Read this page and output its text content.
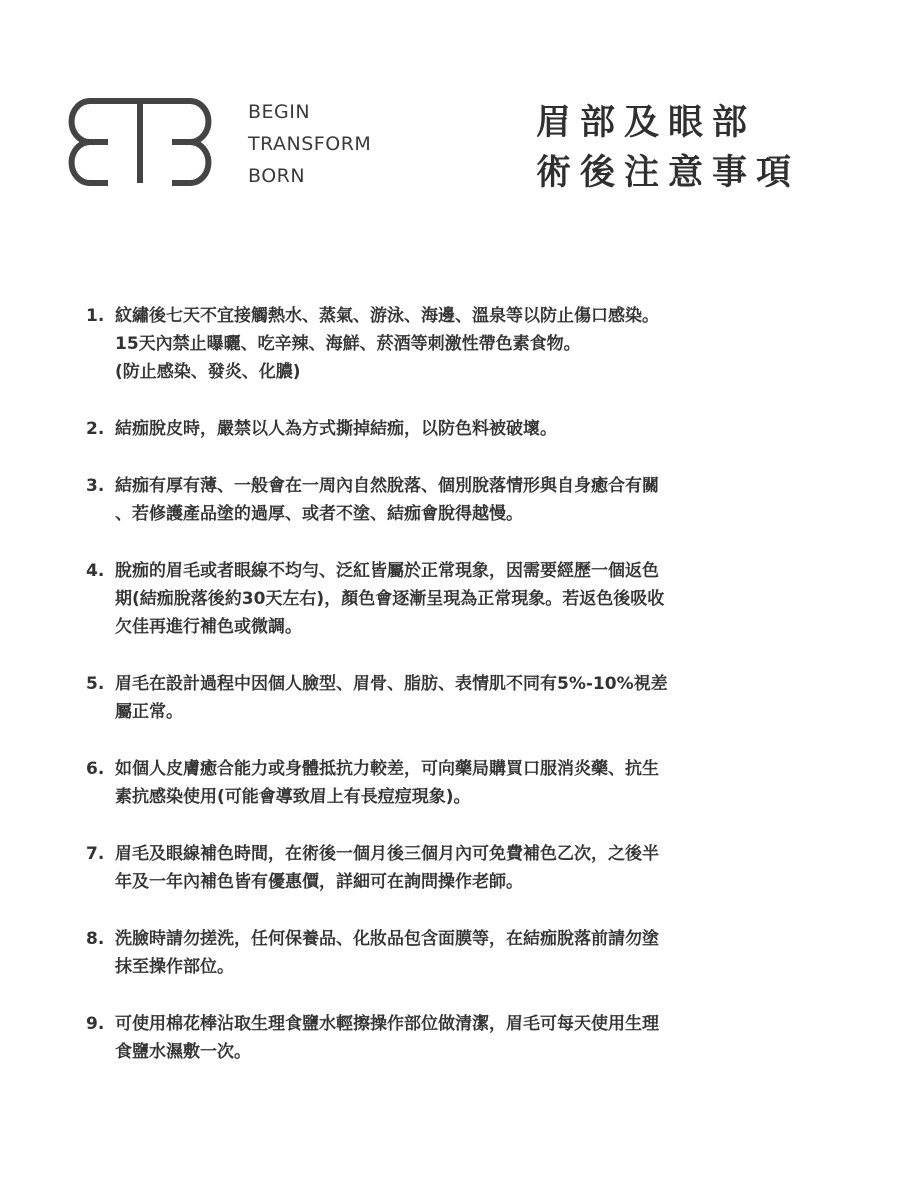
BEGIN
TRANSFORM
BORN
眉部及眼部
術後注意事項
1. 紋繡後七天不宜接觸熱水、蒸氣、游泳、海邊、溫泉等以防止傷口感染。
15天內禁止曝曬、吃辛辣、海鮮、菸酒等刺激性帶色素食物。
(防止感染、發炎、化膿)
2. 結痂脫皮時，嚴禁以人為方式撕掉結痂，以防色料被破壞。
3. 結痂有厚有薄、一般會在一周內自然脫落、個別脫落情形與自身癒合有關
、若修護產品塗的過厚、或者不塗、結痂會脫得越慢。
4. 脫痂的眉毛或者眼線不均勻、泛紅皆屬於正常現象，因需要經歷一個返色
期(結痂脫落後約30天左右)，顏色會逐漸呈現為正常現象。若返色後吸收
欠佳再進行補色或微調。
5. 眉毛在設計過程中因個人臉型、眉骨、脂肪、表情肌不同有5%-10%視差
屬正常。
6. 如個人皮膚癒合能力或身體抵抗力較差，可向藥局購買口服消炎藥、抗生
素抗感染使用(可能會導致眉上有長痘痘現象)。
7. 眉毛及眼線補色時間，在術後一個月後三個月內可免費補色乙次，之後半
年及一年內補色皆有優惠價，詳細可在詢問操作老師。
8. 洗臉時請勿搓洗，任何保養品、化妝品包含面膜等，在結痂脫落前請勿塗
抹至操作部位。
9. 可使用棉花棒沾取生理食鹽水輕擦操作部位做清潔，眉毛可每天使用生理
食鹽水濕敷一次。
